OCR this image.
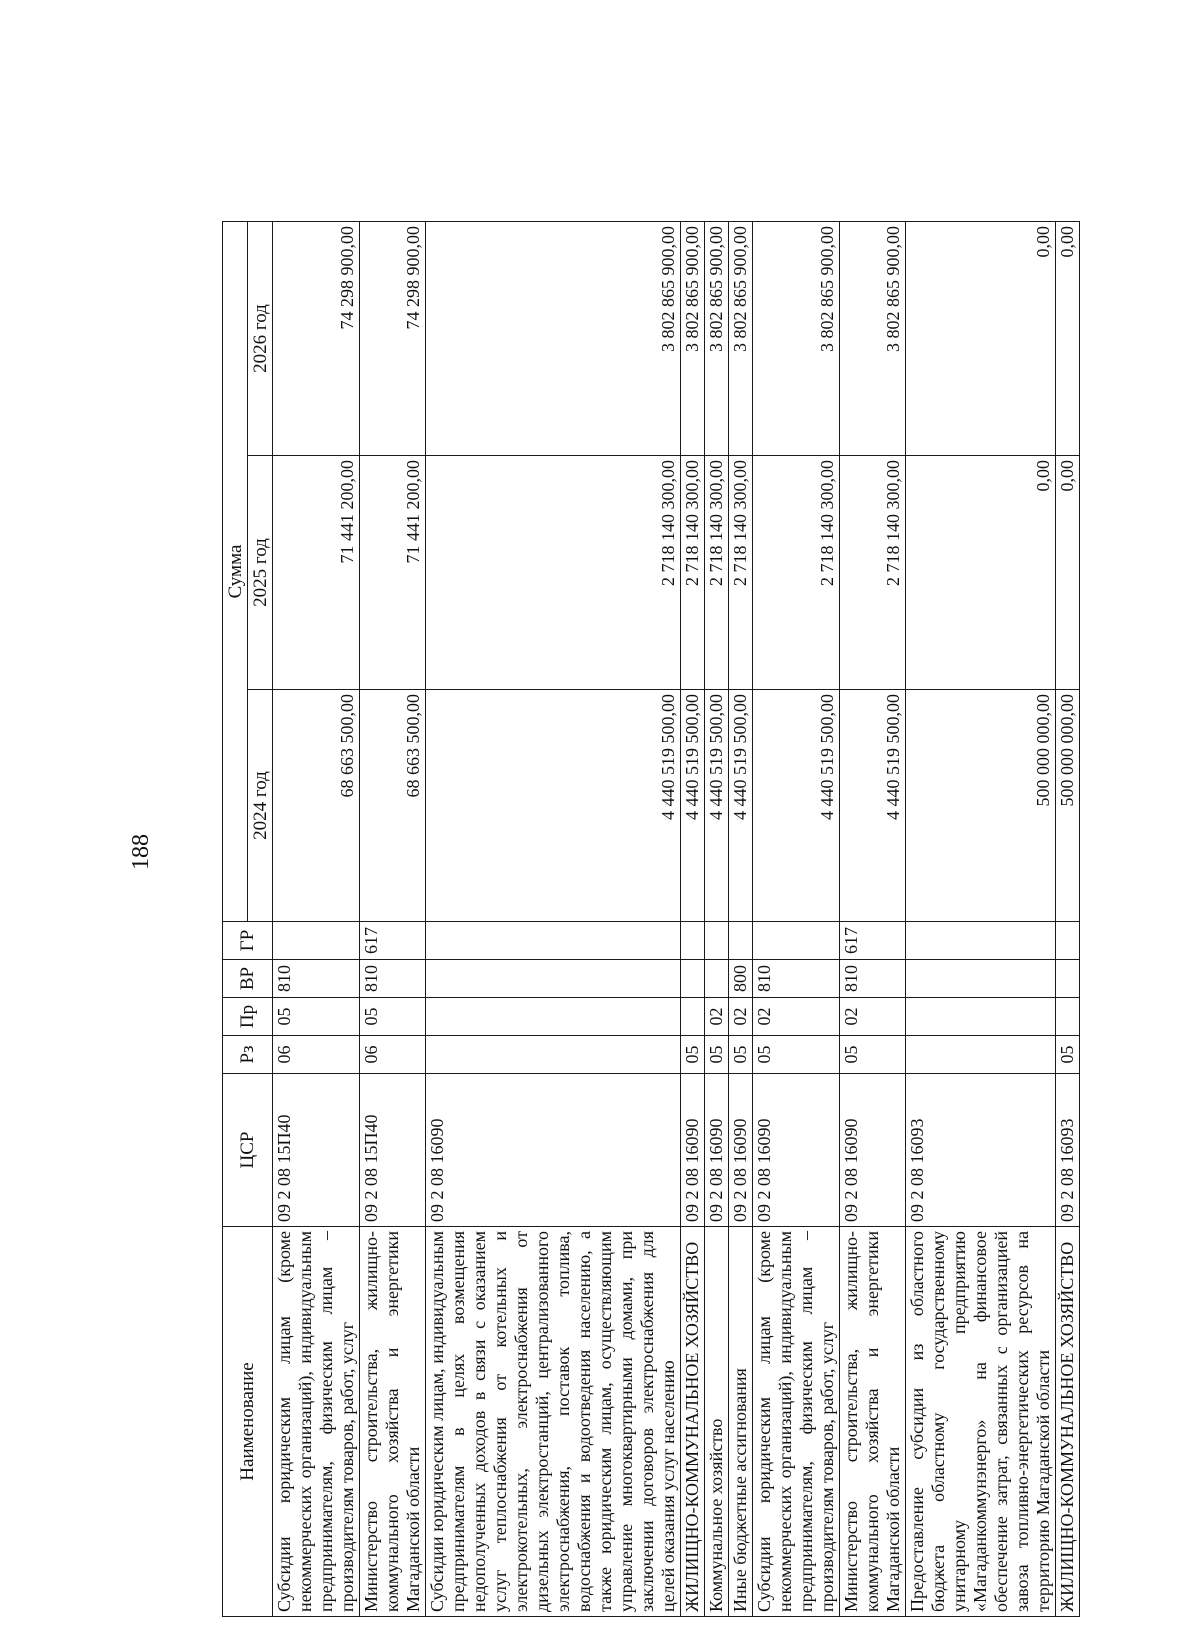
188
Наименование	ЦСР	Рз	Пр	ВР	ГР	Сумма		
						2024 год	2025 год	2026 год
Субсидии юридическим лицам (кроме некоммерческих организаций), индивидуальным предпринимателям, физическим лицам – производителям товаров, работ, услуг	09 2 08 15П40	06	05	810		68 663 500,00	71 441 200,00	74 298 900,00
Министерство строительства, жилищно-коммунального хозяйства и энергетики Магаданской области	09 2 08 15П40	06	05	810	617	68 663 500,00	71 441 200,00	74 298 900,00
Субсидии юридическим лицам, индивидуальным предпринимателям в целях возмещения недополученных доходов в связи с оказанием услуг теплоснабжения от котельных и электрокотельных, электроснабжения от дизельных электростанций, централизованного электроснабжения, поставок топлива, водоснабжения и водоотведения населению, а также юридическим лицам, осуществляющим управление многоквартирными домами, при заключении договоров электроснабжения для целей оказания услуг населению	09 2 08 16090					4 440 519 500,00	2 718 140 300,00	3 802 865 900,00
ЖИЛИЩНО-КОММУНАЛЬНОЕ ХОЗЯЙСТВО	09 2 08 16090	05				4 440 519 500,00	2 718 140 300,00	3 802 865 900,00
Коммунальное хозяйство	09 2 08 16090	05	02			4 440 519 500,00	2 718 140 300,00	3 802 865 900,00
Иные бюджетные ассигнования	09 2 08 16090	05	02	800		4 440 519 500,00	2 718 140 300,00	3 802 865 900,00
Субсидии юридическим лицам (кроме некоммерческих организаций), индивидуальным предпринимателям, физическим лицам – производителям товаров, работ, услуг	09 2 08 16090	05	02	810		4 440 519 500,00	2 718 140 300,00	3 802 865 900,00
Министерство строительства, жилищно-коммунального хозяйства и энергетики Магаданской области	09 2 08 16090	05	02	810	617	4 440 519 500,00	2 718 140 300,00	3 802 865 900,00
Предоставление субсидии из областного бюджета областному государственному унитарному предприятию «Магаданкоммунэнерго» на финансовое обеспечение затрат, связанных с организацией завоза топливно-энергетических ресурсов на территорию Магаданской области	09 2 08 16093					500 000 000,00	0,00	0,00
ЖИЛИЩНО-КОММУНАЛЬНОЕ ХОЗЯЙСТВО	09 2 08 16093	05				500 000 000,00	0,00	0,00
